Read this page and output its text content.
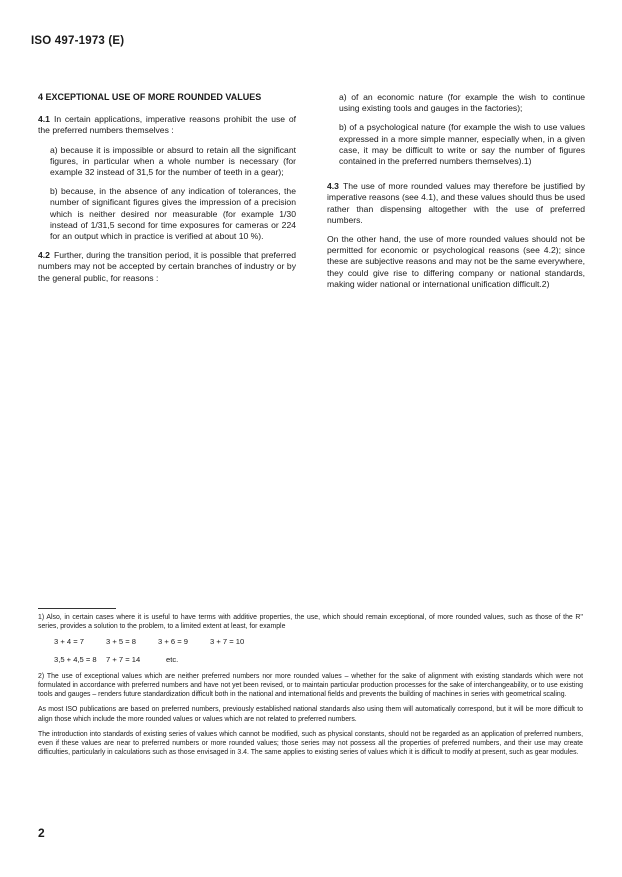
ISO 497-1973 (E)
4 EXCEPTIONAL USE OF MORE ROUNDED VALUES

4.1 In certain applications, imperative reasons prohibit the use of the preferred numbers themselves :

a) because it is impossible or absurd to retain all the significant figures, in particular when a whole number is necessary (for example 32 instead of 31,5 for the number of teeth in a gear);

b) because, in the absence of any indication of tolerances, the number of significant figures gives the impression of a precision which is neither desired nor measurable (for example 1/30 instead of 1/31,5 second for time exposures for cameras or 224 for an output which in practice is verified at about 10 %).

4.2 Further, during the transition period, it is possible that preferred numbers may not be accepted by certain branches of industry or by the general public, for reasons :

a) of an economic nature (for example the wish to continue using existing tools and gauges in the factories);

b) of a psychological nature (for example the wish to use values expressed in a more simple manner, especially when, in a given case, it may be difficult to write or say the number of figures contained in the preferred numbers themselves).1)

4.3 The use of more rounded values may therefore be justified by imperative reasons (see 4.1), and these values should thus be used rather than dispensing altogether with the use of preferred numbers.

On the other hand, the use of more rounded values should not be permitted for economic or psychological reasons (see 4.2); since these are subjective reasons and may not be the same everywhere, they could give rise to differing company or national standards, making wider national or international unification difficult.2)

1) Also, in certain cases where it is useful to have terms with additive properties, the use, which should remain exceptional, of more rounded values, such as those of the R'' series, provides a solution to the problem, to a limited extent at least, for example

3 + 4 = 7	3 + 5 = 8	3 + 6 = 9	3 + 7 = 10
3,5 + 4,5 = 8	7 + 7 = 14	etc.

2) The use of exceptional values which are neither preferred numbers nor more rounded values – whether for the sake of alignment with existing standards which were not formulated in accordance with preferred numbers and have not yet been revised, or to maintain particular production processes for the sake of interchangeability, or to use existing tools and gauges – renders future standardization difficult both in the national and international fields and prevents the building of machines in series with geometrical scaling.

As most ISO publications are based on preferred numbers, previously established national standards also using them will automatically correspond, but it will be more difficult to align those which include the more rounded values or values which are not related to preferred numbers.

The introduction into standards of existing series of values which cannot be modified, such as physical constants, should not be regarded as an application of preferred numbers, even if these values are near to preferred numbers or more rounded values; those series may not possess all the properties of preferred numbers, and their use may create difficulties, particularly in calculations such as those envisaged in 3.4. The same applies to existing series of values which it is difficult to modify at present, such as gear modules.

2
